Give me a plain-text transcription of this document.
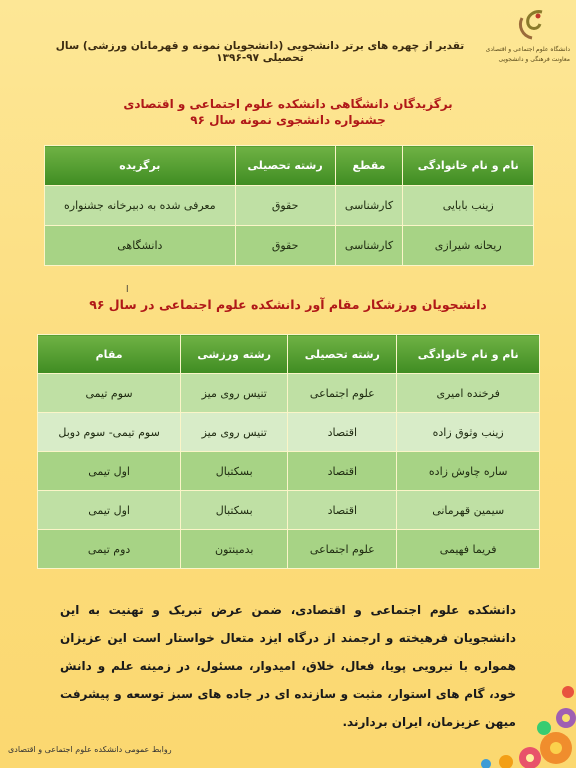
دانشگاه علوم اجتماعی و اقتصادی
معاونت فرهنگی و دانشجویی
تقدیر از چهره های برتر دانشجویی (دانشجویان نمونه و قهرمانان ورزشی) سال تحصیلی ۹۷-۱۳۹۶
برگزیدگان دانشگاهی دانشکده علوم اجتماعی و اقتصادی
جشنواره دانشجوی نمونه سال ۹۶
نام و نام خانوادگی	مقطع	رشته تحصیلی	برگزیده
زینب بابایی	کارشناسی	حقوق	معرفی شده به دبیرخانه جشنواره
ریحانه شیرازی	کارشناسی	حقوق	دانشگاهی
ا
دانشجویان ورزشکار مقام آور دانشکده علوم اجتماعی در سال ۹۶
نام و نام خانوادگی	رشته تحصیلی	رشته ورزشی	مقام
فرخنده امیری	علوم اجتماعی	تنیس روی میز	سوم تیمی
زینب وثوق زاده	اقتصاد	تنیس روی میز	سوم تیمی- سوم دوبل
ساره چاوش زاده	اقتصاد	بسکتبال	اول تیمی
سیمین قهرمانی	اقتصاد	بسکتبال	اول تیمی
فریما فهیمی	علوم اجتماعی	بدمینتون	دوم تیمی
دانشکده علوم اجتماعی و اقتصادی، ضمن عرض تبریک و تهنیت به این دانشجویان فرهیخته و ارجمند از درگاه ایزد متعال خواستار است این عزیزان همواره با نیرویی پویا، فعال، خلاق، امیدوار، مسئول، در زمینه علم و دانش خود، گام های استوار، مثبت و سازنده ای در جاده های سبز توسعه و پیشرفت میهن عزیزمان، ایران بردارند.
روابط عمومی دانشکده علوم اجتماعی و اقتصادی
